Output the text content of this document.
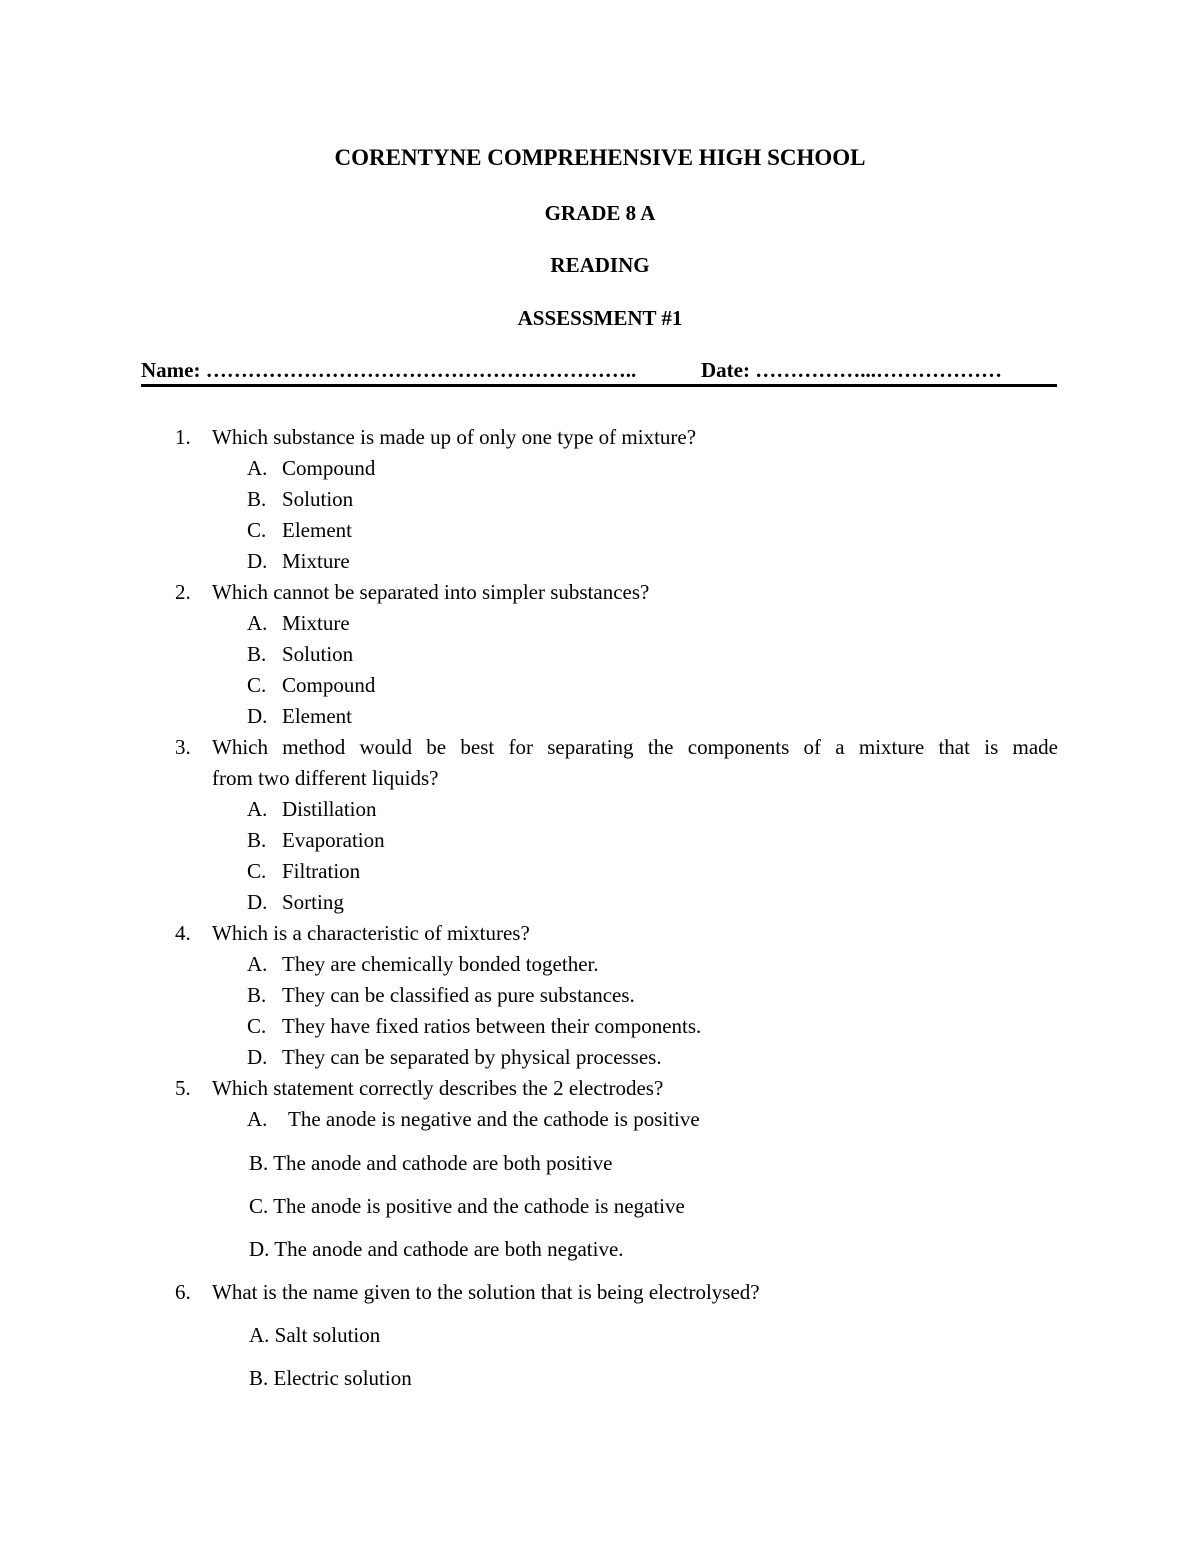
CORENTYNE COMPREHENSIVE HIGH SCHOOL
GRADE 8 A
READING
ASSESSMENT #1
Name: ……………………………………………………..	Date: ……………...………………
1.	Which substance is made up of only one type of mixture?
A. Compound
B. Solution
C. Element
D. Mixture
2.	Which cannot be separated into simpler substances?
A. Mixture
B. Solution
C. Compound
D. Element
3.	Which method would be best for separating the components of a mixture that is made
from two different liquids?
A. Distillation
B. Evaporation
C. Filtration
D. Sorting
4.	Which is a characteristic of mixtures?
A. They are chemically bonded together.
B. They can be classified as pure substances.
C. They have fixed ratios between their components.
D. They can be separated by physical processes.
5.	Which statement correctly describes the 2 electrodes?
A. The anode is negative and the cathode is positive
B. The anode and cathode are both positive
C. The anode is positive and the cathode is negative
D. The anode and cathode are both negative.
6.	What is the name given to the solution that is being electrolysed?
A. Salt solution
B. Electric solution
